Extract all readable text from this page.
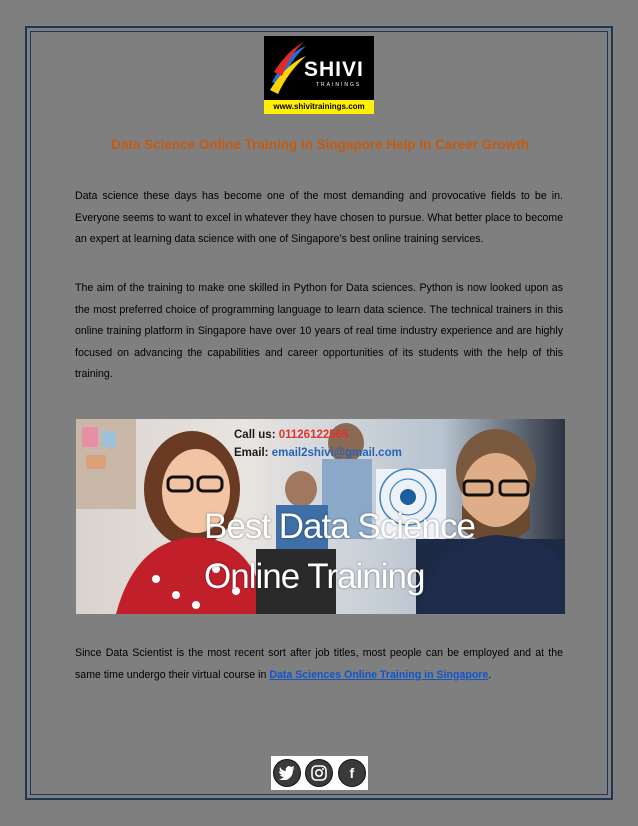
SHIVI
TRAININGS
www.shivitrainings.com
Data Science Online Training in Singapore Help in Career Growth

Data science these days has become one of the most demanding and provocative fields to be in. Everyone seems to want to excel in whatever they have chosen to pursue. What better place to become an expert at learning data science with one of Singapore’s best online training services.

The aim of the training to make one skilled in Python for Data sciences. Python is now looked upon as the most preferred choice of programming language to learn data science. The technical trainers in this online training platform in Singapore have over 10 years of real time industry experience and are highly focused on advancing the capabilities and career opportunities of its students with the help of this training.

Call us: 01126122565
Email: email2shivi@gmail.com
Best Data Science
Online Training

Since Data Scientist is the most recent sort after job titles, most people can be employed and at the same time undergo their virtual course in Data Sciences Online Training in Singapore.

f
